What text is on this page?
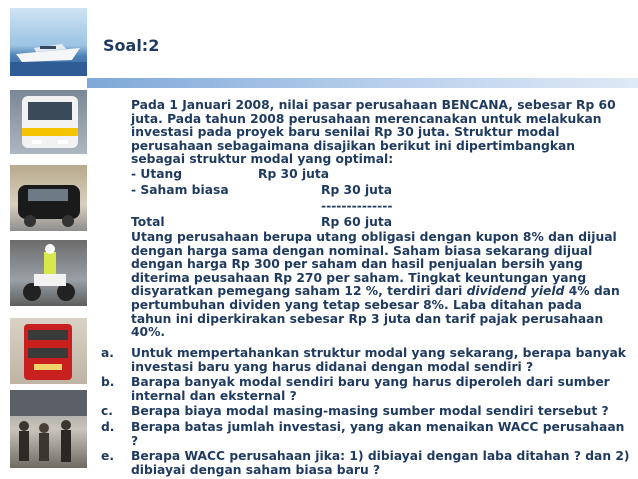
Soal:2

Pada 1 Januari 2008, nilai pasar perusahaan BENCANA, sebesar Rp 60 juta. Pada tahun 2008 perusahaan merencanakan untuk melakukan investasi pada proyek baru senilai Rp 30 juta. Struktur modal perusahaan sebagaimana disajikan berikut ini dipertimbangkan sebagai struktur modal yang optimal:

- Utang	Rp 30 juta
- Saham biasa	Rp 30 juta
--------------
Total	Rp 60 juta

Utang perusahaan berupa utang obligasi dengan kupon 8% dan dijual dengan harga sama dengan nominal. Saham biasa sekarang dijual dengan harga Rp 300 per saham dan hasil penjualan bersih yang diterima peusahaan Rp 270 per saham. Tingkat keuntungan yang disyaratkan pemegang saham 12 %, terdiri dari dividend yield 4% dan pertumbuhan dividen yang tetap sebesar 8%. Laba ditahan pada tahun ini diperkirakan sebesar Rp 3 juta dan tarif pajak perusahaan 40%.

a. Untuk mempertahankan struktur modal yang sekarang, berapa banyak investasi baru yang harus didanai dengan modal sendiri ?
b. Barapa banyak modal sendiri baru yang harus diperoleh dari sumber internal dan eksternal ?
c. Berapa biaya modal masing-masing sumber modal sendiri tersebut ?
d. Berapa batas jumlah investasi, yang akan menaikan WACC perusahaan ?
e. Berapa WACC perusahaan jika: 1) dibiayai dengan laba ditahan ? dan 2) dibiayai dengan saham biasa baru ?
